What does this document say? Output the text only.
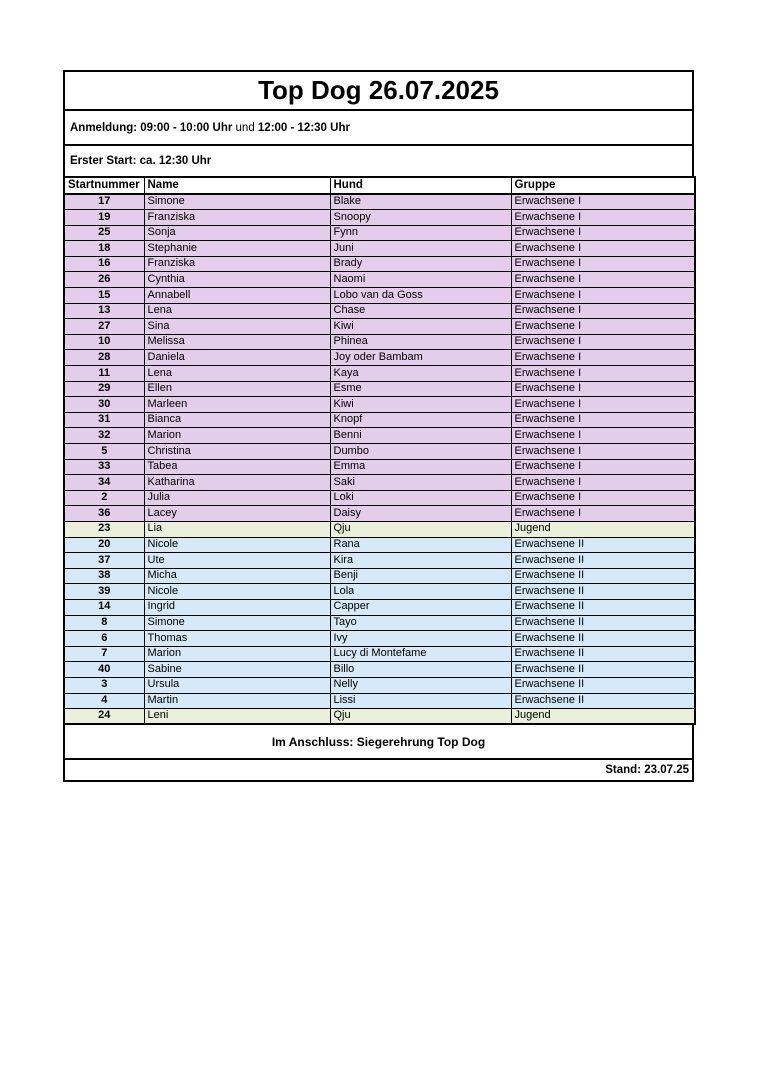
Top Dog 26.07.2025
Anmeldung: 09:00 - 10:00 Uhr und 12:00 - 12:30 Uhr
Erster Start: ca. 12:30 Uhr
Startnummer	Name	Hund	Gruppe
17	Simone	Blake	Erwachsene I
19	Franziska	Snoopy	Erwachsene I
25	Sonja	Fynn	Erwachsene I
18	Stephanie	Juni	Erwachsene I
16	Franziska	Brady	Erwachsene I
26	Cynthia	Naomi	Erwachsene I
15	Annabell	Lobo van da Goss	Erwachsene I
13	Lena	Chase	Erwachsene I
27	Sina	Kiwi	Erwachsene I
10	Melissa	Phinea	Erwachsene I
28	Daniela	Joy oder Bambam	Erwachsene I
11	Lena	Kaya	Erwachsene I
29	Ellen	Esme	Erwachsene I
30	Marleen	Kiwi	Erwachsene I
31	Bianca	Knopf	Erwachsene I
32	Marion	Benni	Erwachsene I
5	Christina	Dumbo	Erwachsene I
33	Tabea	Emma	Erwachsene I
34	Katharina	Saki	Erwachsene I
2	Julia	Loki	Erwachsene I
36	Lacey	Daisy	Erwachsene I
23	Lia	Qju	Jugend
20	Nicole	Rana	Erwachsene II
37	Ute	Kira	Erwachsene II
38	Micha	Benji	Erwachsene II
39	Nicole	Lola	Erwachsene II
14	Ingrid	Capper	Erwachsene II
8	Simone	Tayo	Erwachsene II
6	Thomas	Ivy	Erwachsene II
7	Marion	Lucy di Montefame	Erwachsene II
40	Sabine	Billo	Erwachsene II
3	Ursula	Nelly	Erwachsene II
4	Martin	Lissi	Erwachsene II
24	Leni	Qju	Jugend
Im Anschluss: Siegerehrung Top Dog
Stand: 23.07.25
